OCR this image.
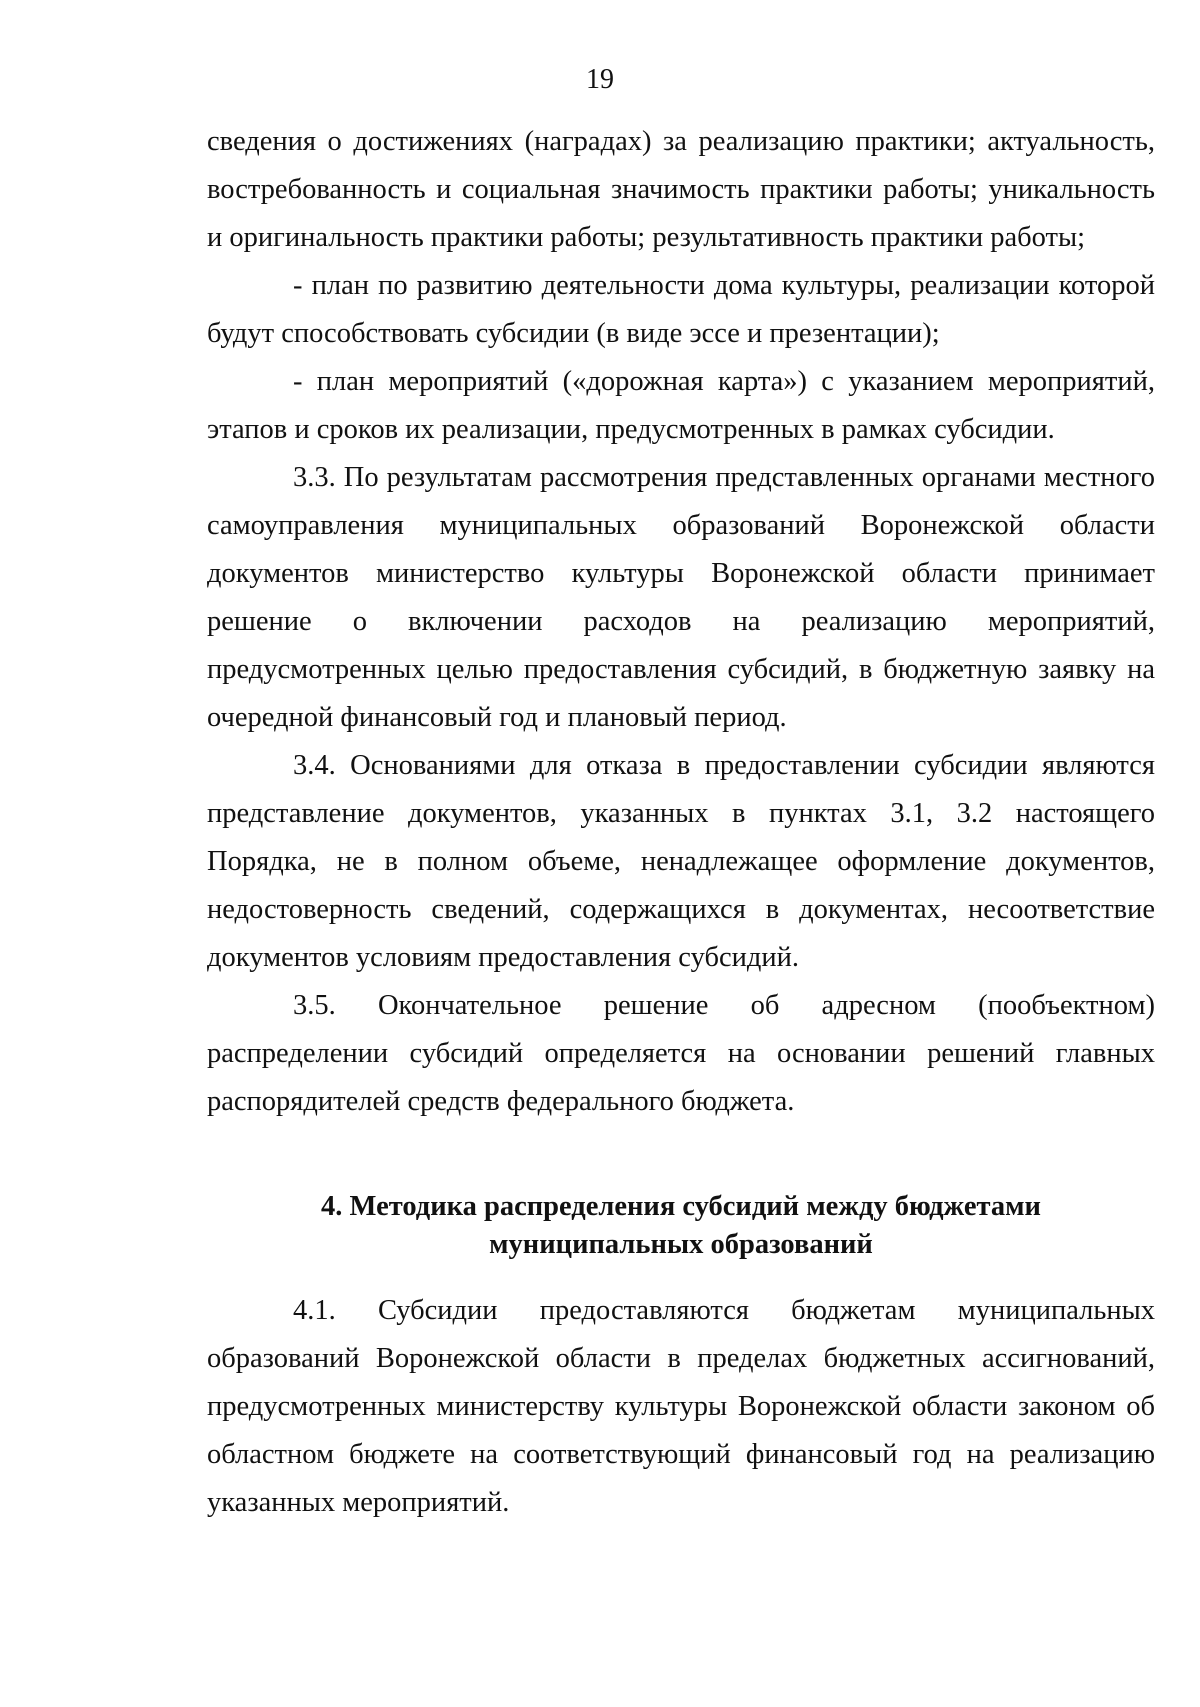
19

сведения о достижениях (наградах) за реализацию практики; актуальность, востребованность и социальная значимость практики работы; уникальность и оригинальность практики работы; результативность практики работы;

- план по развитию деятельности дома культуры, реализации которой будут способствовать субсидии (в виде эссе и презентации);

- план мероприятий («дорожная карта») с указанием мероприятий, этапов и сроков их реализации, предусмотренных в рамках субсидии.

3.3. По результатам рассмотрения представленных органами местного самоуправления муниципальных образований Воронежской области документов министерство культуры Воронежской области принимает решение о включении расходов на реализацию мероприятий, предусмотренных целью предоставления субсидий, в бюджетную заявку на очередной финансовый год и плановый период.

3.4. Основаниями для отказа в предоставлении субсидии являются представление документов, указанных в пунктах 3.1, 3.2 настоящего Порядка, не в полном объеме, ненадлежащее оформление документов, недостоверность сведений, содержащихся в документах, несоответствие документов условиям предоставления субсидий.

3.5. Окончательное решение об адресном (пообъектном) распределении субсидий определяется на основании решений главных распорядителей средств федерального бюджета.

4. Методика распределения субсидий между бюджетами
муниципальных образований

4.1. Субсидии предоставляются бюджетам муниципальных образований Воронежской области в пределах бюджетных ассигнований, предусмотренных министерству культуры Воронежской области законом об областном бюджете на соответствующий финансовый год на реализацию указанных мероприятий.
